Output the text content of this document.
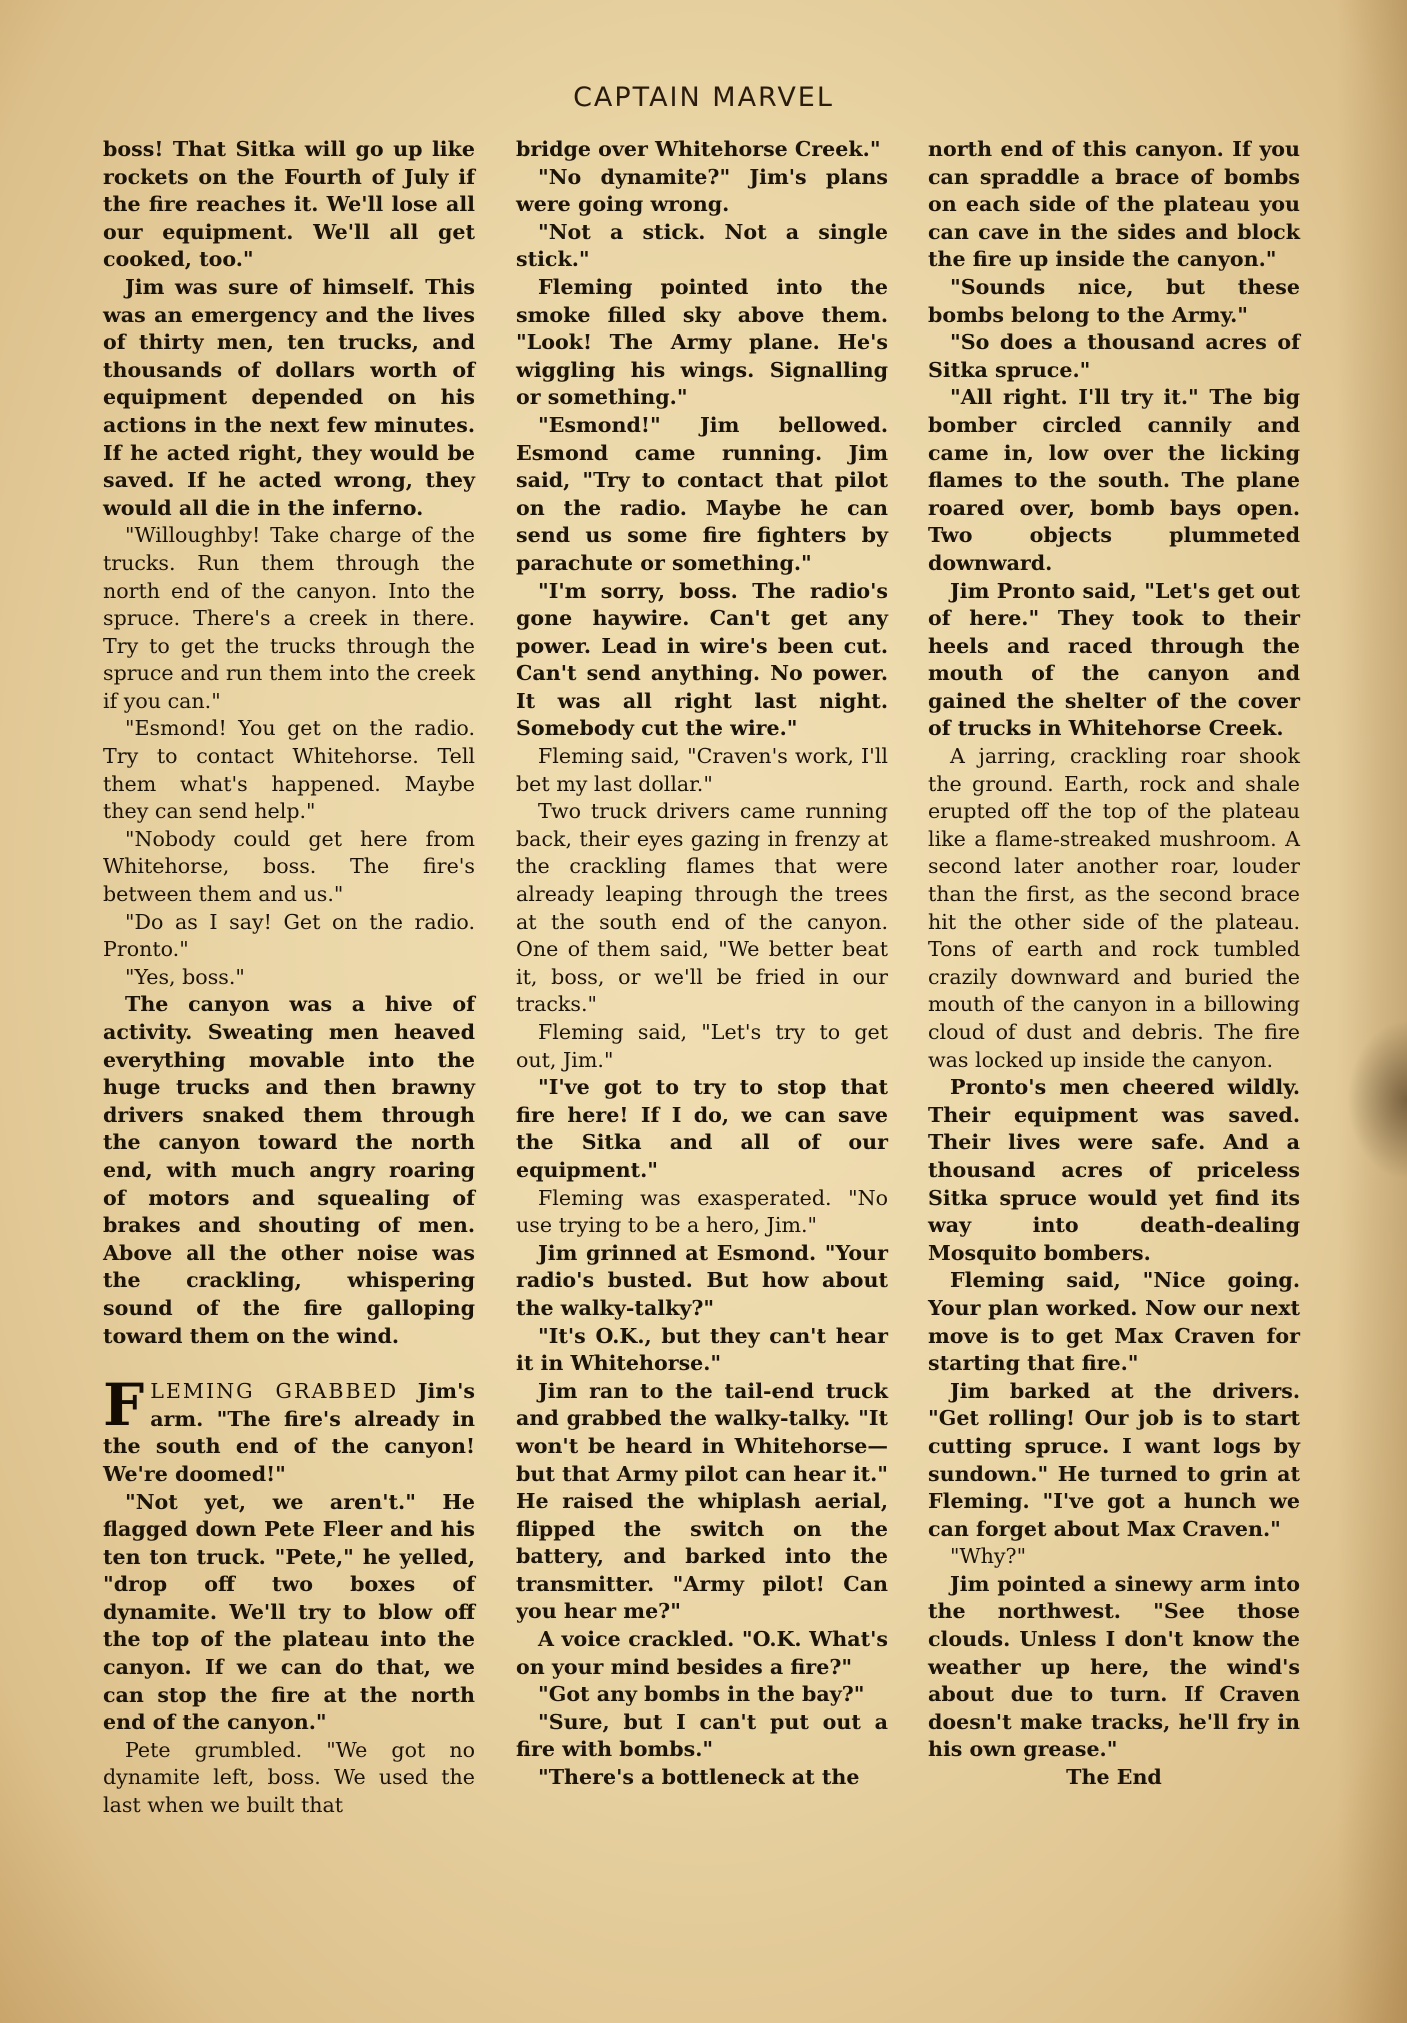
CAPTAIN MARVEL

boss! That Sitka will go up like rockets on the Fourth of July if the fire reaches it. We'll lose all our equipment. We'll all get cooked, too."

Jim was sure of himself. This was an emergency and the lives of thirty men, ten trucks, and thousands of dollars worth of equipment depended on his actions in the next few minutes. If he acted right, they would be saved. If he acted wrong, they would all die in the inferno.

"Willoughby! Take charge of the trucks. Run them through the north end of the canyon. Into the spruce. There's a creek in there. Try to get the trucks through the spruce and run them into the creek if you can."

"Esmond! You get on the radio. Try to contact Whitehorse. Tell them what's happened. Maybe they can send help."

"Nobody could get here from Whitehorse, boss. The fire's between them and us."

"Do as I say! Get on the radio. Pronto."

"Yes, boss."

The canyon was a hive of activity. Sweating men heaved everything movable into the huge trucks and then brawny drivers snaked them through the canyon toward the north end, with much angry roaring of motors and squealing of brakes and shouting of men. Above all the other noise was the crackling, whispering sound of the fire galloping toward them on the wind.

FLEMING GRABBED Jim's arm. "The fire's already in the south end of the canyon! We're doomed!"

"Not yet, we aren't." He flagged down Pete Fleer and his ten ton truck. "Pete," he yelled, "drop off two boxes of dynamite. We'll try to blow off the top of the plateau into the canyon. If we can do that, we can stop the fire at the north end of the canyon."

Pete grumbled. "We got no dynamite left, boss. We used the last when we built that

bridge over Whitehorse Creek."

"No dynamite?" Jim's plans were going wrong.

"Not a stick. Not a single stick."

Fleming pointed into the smoke filled sky above them. "Look! The Army plane. He's wiggling his wings. Signalling or something."

"Esmond!" Jim bellowed. Esmond came running. Jim said, "Try to contact that pilot on the radio. Maybe he can send us some fire fighters by parachute or something."

"I'm sorry, boss. The radio's gone haywire. Can't get any power. Lead in wire's been cut. Can't send anything. No power. It was all right last night. Somebody cut the wire."

Fleming said, "Craven's work, I'll bet my last dollar."

Two truck drivers came running back, their eyes gazing in frenzy at the crackling flames that were already leaping through the trees at the south end of the canyon. One of them said, "We better beat it, boss, or we'll be fried in our tracks."

Fleming said, "Let's try to get out, Jim."

"I've got to try to stop that fire here! If I do, we can save the Sitka and all of our equipment."

Fleming was exasperated. "No use trying to be a hero, Jim."

Jim grinned at Esmond. "Your radio's busted. But how about the walky-talky?"

"It's O.K., but they can't hear it in Whitehorse."

Jim ran to the tail-end truck and grabbed the walky-talky. "It won't be heard in Whitehorse—but that Army pilot can hear it." He raised the whiplash aerial, flipped the switch on the battery, and barked into the transmitter. "Army pilot! Can you hear me?"

A voice crackled. "O.K. What's on your mind besides a fire?"

"Got any bombs in the bay?"

"Sure, but I can't put out a fire with bombs."

"There's a bottleneck at the

north end of this canyon. If you can spraddle a brace of bombs on each side of the plateau you can cave in the sides and block the fire up inside the canyon."

"Sounds nice, but these bombs belong to the Army."

"So does a thousand acres of Sitka spruce."

"All right. I'll try it." The big bomber circled cannily and came in, low over the licking flames to the south. The plane roared over, bomb bays open. Two objects plummeted downward.

Jim Pronto said, "Let's get out of here." They took to their heels and raced through the mouth of the canyon and gained the shelter of the cover of trucks in Whitehorse Creek.

A jarring, crackling roar shook the ground. Earth, rock and shale erupted off the top of the plateau like a flame-streaked mushroom. A second later another roar, louder than the first, as the second brace hit the other side of the plateau. Tons of earth and rock tumbled crazily downward and buried the mouth of the canyon in a billowing cloud of dust and debris. The fire was locked up inside the canyon.

Pronto's men cheered wildly. Their equipment was saved. Their lives were safe. And a thousand acres of priceless Sitka spruce would yet find its way into death-dealing Mosquito bombers.

Fleming said, "Nice going. Your plan worked. Now our next move is to get Max Craven for starting that fire."

Jim barked at the drivers. "Get rolling! Our job is to start cutting spruce. I want logs by sundown." He turned to grin at Fleming. "I've got a hunch we can forget about Max Craven."

"Why?"

Jim pointed a sinewy arm into the northwest. "See those clouds. Unless I don't know the weather up here, the wind's about due to turn. If Craven doesn't make tracks, he'll fry in his own grease."

The End
